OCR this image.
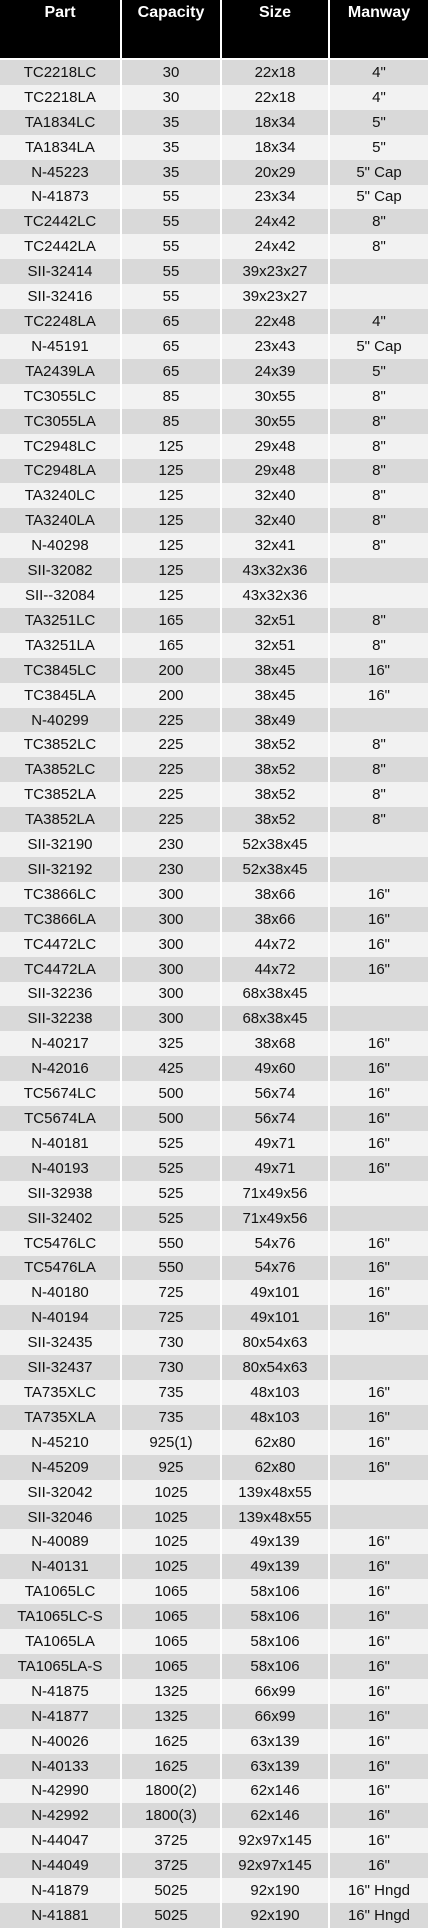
Part	Capacity	Size	Manway
TC2218LC	30	22x18	4"
TC2218LA	30	22x18	4"
TA1834LC	35	18x34	5"
TA1834LA	35	18x34	5"
N-45223	35	20x29	5" Cap
N-41873	55	23x34	5" Cap
TC2442LC	55	24x42	8"
TC2442LA	55	24x42	8"
SII-32414	55	39x23x27
SII-32416	55	39x23x27
TC2248LA	65	22x48	4"
N-45191	65	23x43	5" Cap
TA2439LA	65	24x39	5"
TC3055LC	85	30x55	8"
TC3055LA	85	30x55	8"
TC2948LC	125	29x48	8"
TC2948LA	125	29x48	8"
TA3240LC	125	32x40	8"
TA3240LA	125	32x40	8"
N-40298	125	32x41	8"
SII-32082	125	43x32x36
SII--32084	125	43x32x36
TA3251LC	165	32x51	8"
TA3251LA	165	32x51	8"
TC3845LC	200	38x45	16"
TC3845LA	200	38x45	16"
N-40299	225	38x49
TC3852LC	225	38x52	8"
TA3852LC	225	38x52	8"
TC3852LA	225	38x52	8"
TA3852LA	225	38x52	8"
SII-32190	230	52x38x45
SII-32192	230	52x38x45
TC3866LC	300	38x66	16"
TC3866LA	300	38x66	16"
TC4472LC	300	44x72	16"
TC4472LA	300	44x72	16"
SII-32236	300	68x38x45
SII-32238	300	68x38x45
N-40217	325	38x68	16"
N-42016	425	49x60	16"
TC5674LC	500	56x74	16"
TC5674LA	500	56x74	16"
N-40181	525	49x71	16"
N-40193	525	49x71	16"
SII-32938	525	71x49x56
SII-32402	525	71x49x56
TC5476LC	550	54x76	16"
TC5476LA	550	54x76	16"
N-40180	725	49x101	16"
N-40194	725	49x101	16"
SII-32435	730	80x54x63
SII-32437	730	80x54x63
TA735XLC	735	48x103	16"
TA735XLA	735	48x103	16"
N-45210	925(1)	62x80	16"
N-45209	925	62x80	16"
SII-32042	1025	139x48x55
SII-32046	1025	139x48x55
N-40089	1025	49x139	16"
N-40131	1025	49x139	16"
TA1065LC	1065	58x106	16"
TA1065LC-S	1065	58x106	16"
TA1065LA	1065	58x106	16"
TA1065LA-S	1065	58x106	16"
N-41875	1325	66x99	16"
N-41877	1325	66x99	16"
N-40026	1625	63x139	16"
N-40133	1625	63x139	16"
N-42990	1800(2)	62x146	16"
N-42992	1800(3)	62x146	16"
N-44047	3725	92x97x145	16"
N-44049	3725	92x97x145	16"
N-41879	5025	92x190	16" Hngd
N-41881	5025	92x190	16" Hngd
